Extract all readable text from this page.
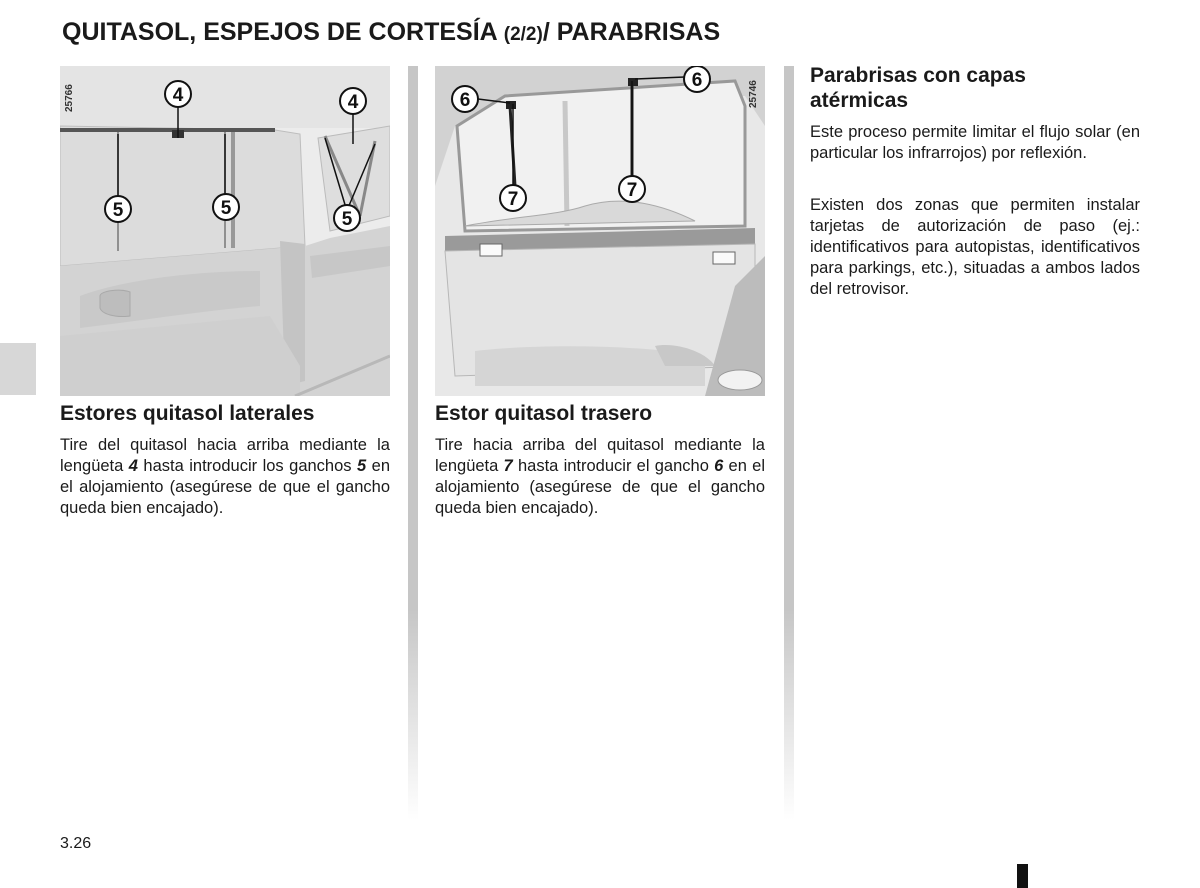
QUITASOL, ESPEJOS DE CORTESÍA (2/2)/ PARABRISAS
4	4
5	5
5
25766	6
6
7	7
25746
Estores quitasol laterales

Tire del quitasol hacia arriba mediante la lengüeta 4 hasta introducir los ganchos 5 en el alojamiento (asegúrese de que el gancho queda bien encajado).

Estor quitasol trasero

Tire hacia arriba del quitasol mediante la lengüeta 7 hasta introducir el gancho 6 en el alojamiento (asegúrese de que el gancho queda bien encajado).

Parabrisas con capas atérmicas

Este proceso permite limitar el flujo solar (en particular los infrarrojos) por reflexión.

Existen dos zonas que permiten instalar tarjetas de autorización de paso (ej.: identificativos para autopistas, identificativos para parkings, etc.), situadas a ambos lados del retrovisor.

3.26
